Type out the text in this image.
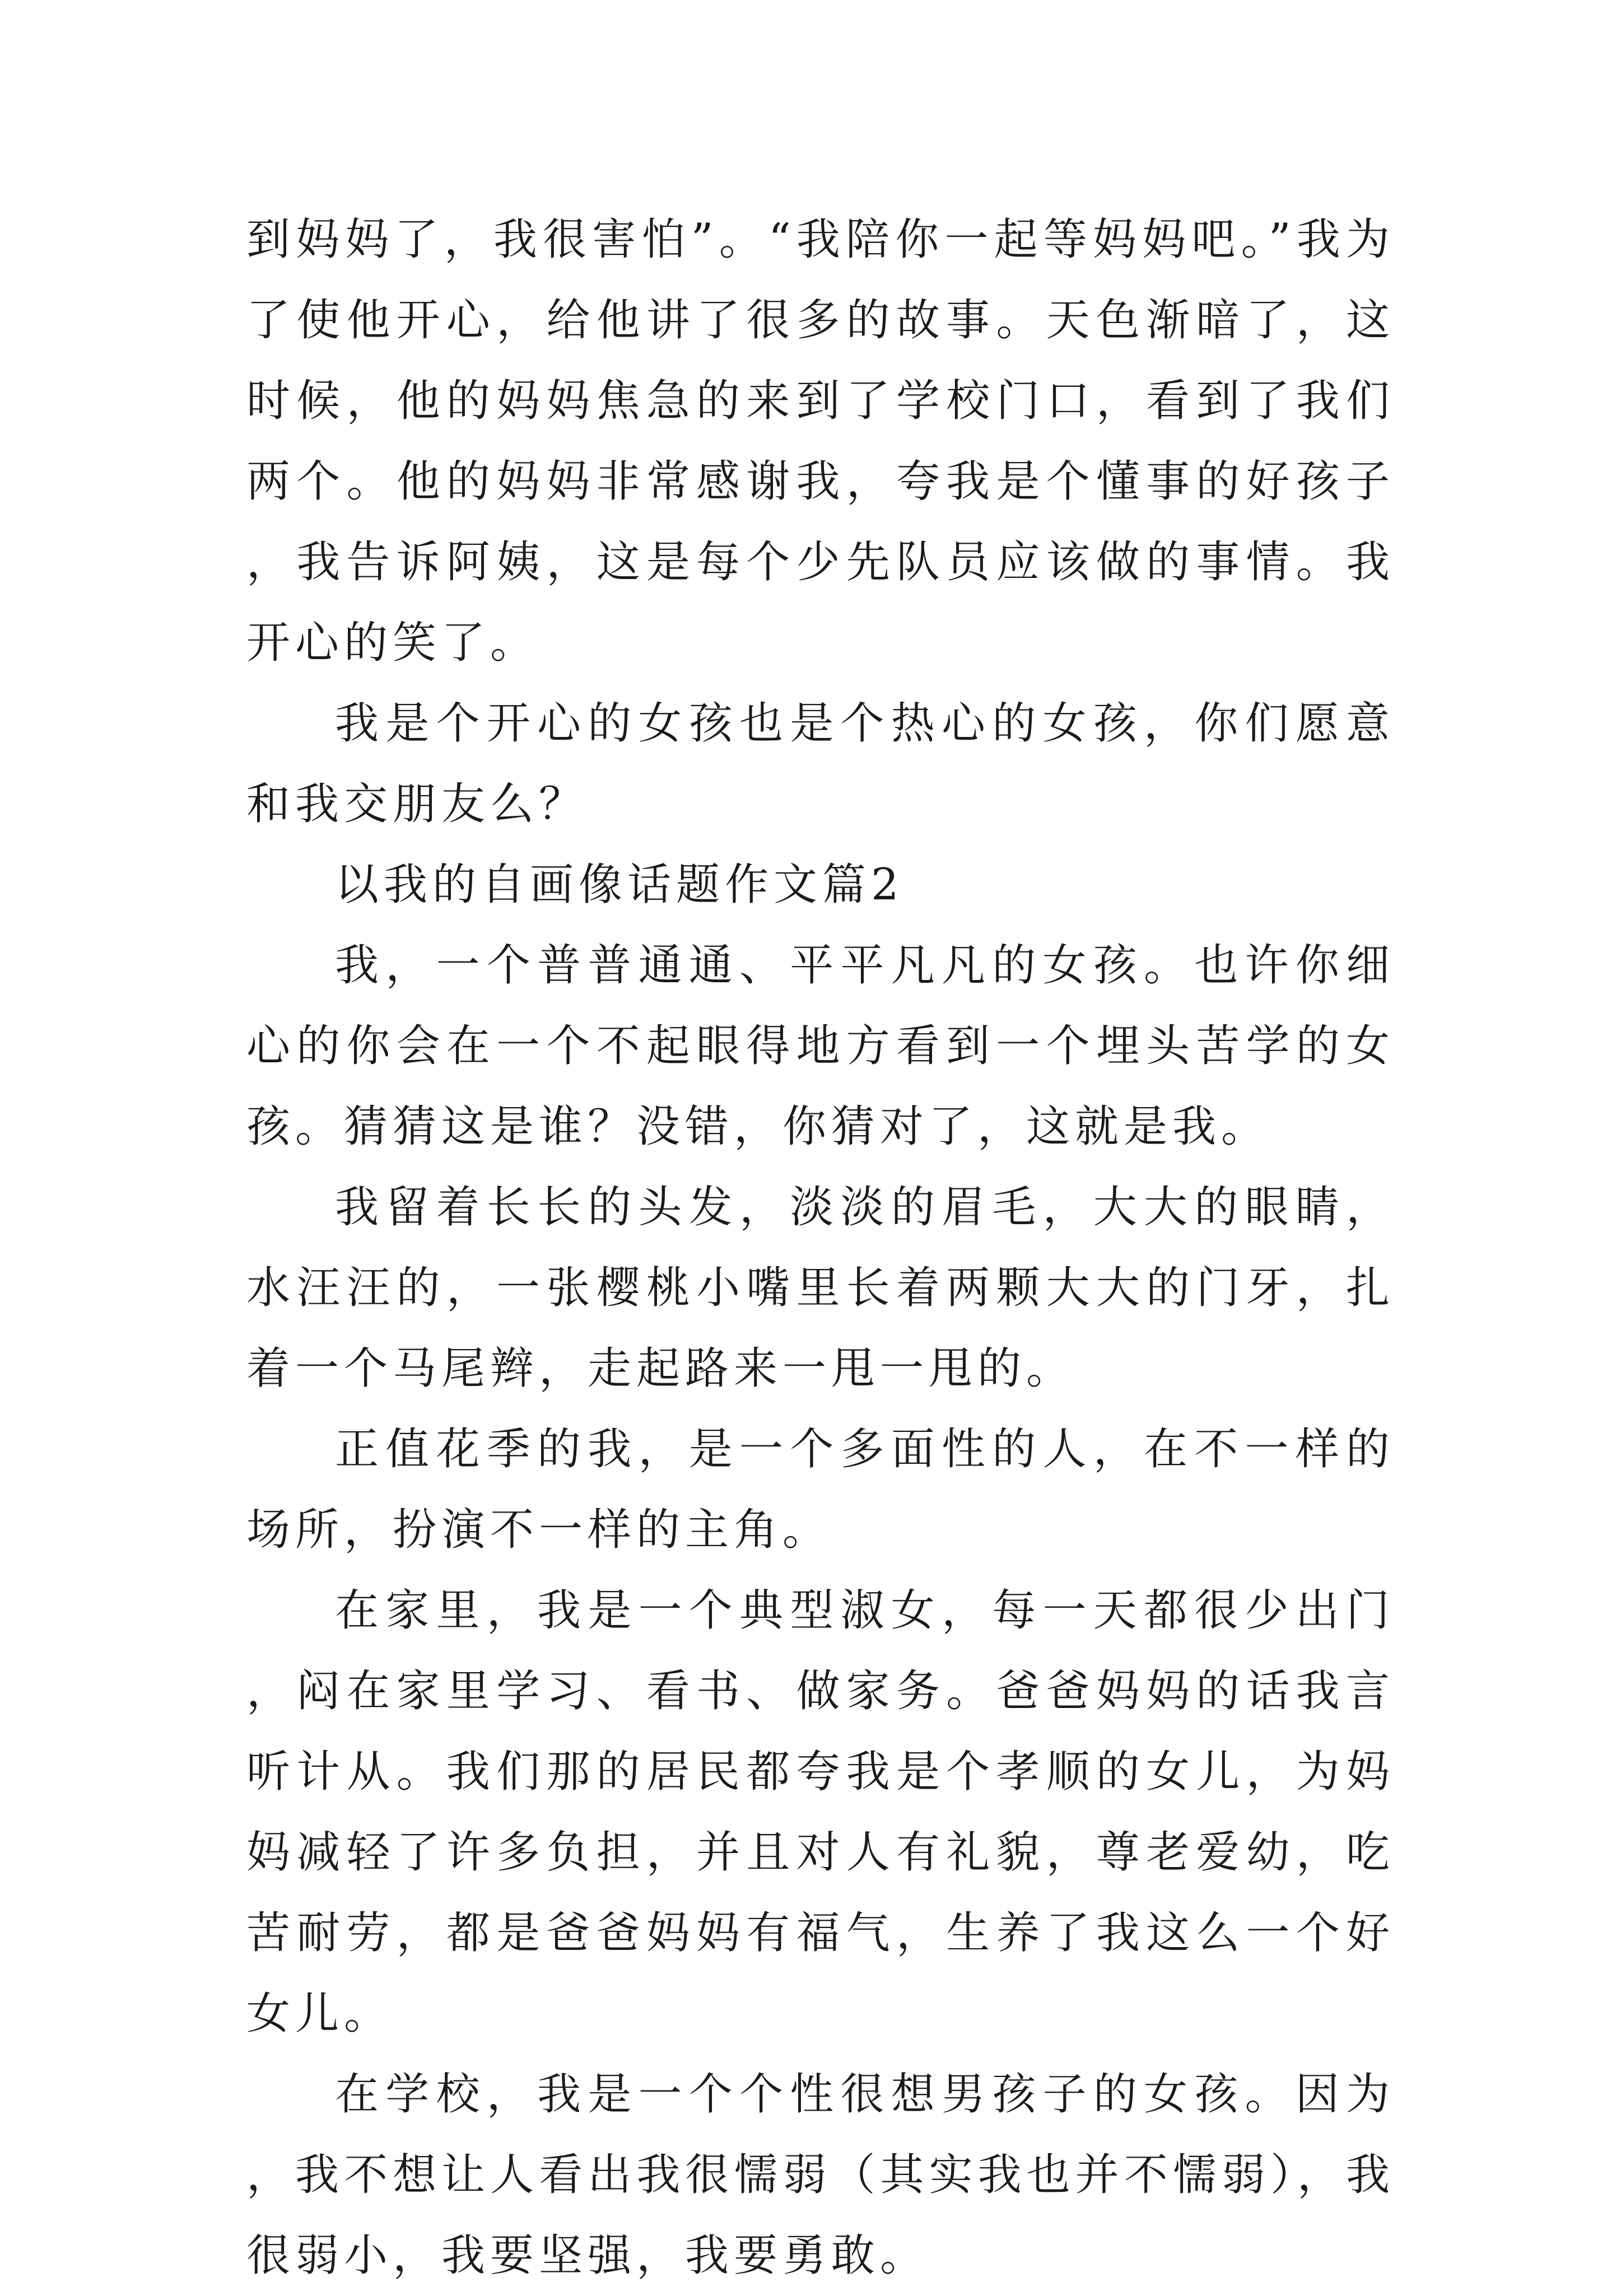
到妈妈了，我很害怕”。“我陪你一起等妈妈吧。”我为了使他开心，给他讲了很多的故事。天色渐暗了，这时候，他的妈妈焦急的来到了学校门口，看到了我们两个。他的妈妈非常感谢我，夸我是个懂事的好孩子，我告诉阿姨，这是每个少先队员应该做的事情。我开心的笑了。

我是个开心的女孩也是个热心的女孩，你们愿意和我交朋友么？

以我的自画像话题作文篇2

我，一个普普通通、平平凡凡的女孩。也许你细心的你会在一个不起眼得地方看到一个埋头苦学的女孩。猜猜这是谁？没错，你猜对了，这就是我。

我留着长长的头发，淡淡的眉毛，大大的眼睛，水汪汪的，一张樱桃小嘴里长着两颗大大的门牙，扎着一个马尾辫，走起路来一甩一甩的。

正值花季的我，是一个多面性的人，在不一样的场所，扮演不一样的主角。

在家里，我是一个典型淑女，每一天都很少出门，闷在家里学习、看书、做家务。爸爸妈妈的话我言听计从。我们那的居民都夸我是个孝顺的女儿，为妈妈减轻了许多负担，并且对人有礼貌，尊老爱幼，吃苦耐劳，都是爸爸妈妈有福气，生养了我这么一个好女儿。

在学校，我是一个个性很想男孩子的女孩。因为，我不想让人看出我很懦弱（其实我也并不懦弱），我很弱小，我要坚强，我要勇敢。
